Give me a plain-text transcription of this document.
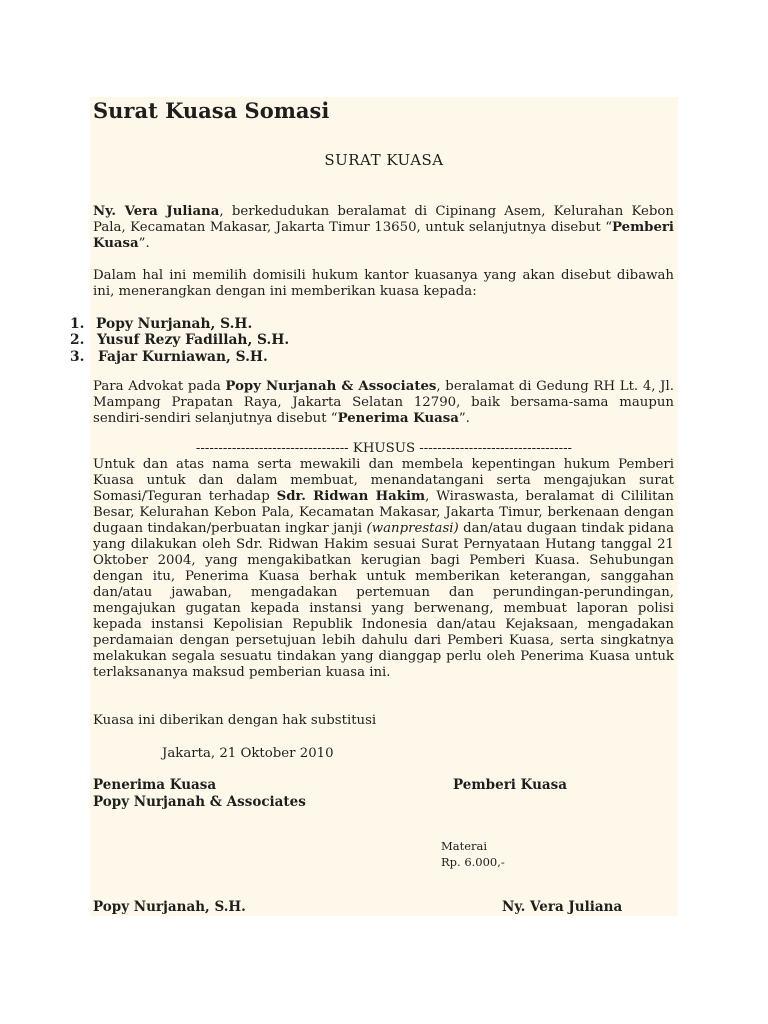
Surat Kuasa Somasi
SURAT KUASA

Ny. Vera Juliana, berkedudukan beralamat di Cipinang Asem, Kelurahan Kebon Pala, Kecamatan Makasar, Jakarta Timur 13650, untuk selanjutnya disebut “Pemberi Kuasa”.

Dalam hal ini memilih domisili hukum kantor kuasanya yang akan disebut dibawah ini, menerangkan dengan ini memberikan kuasa kepada:

1. Popy Nurjanah, S.H.
2. Yusuf Rezy Fadillah, S.H.
3. Fajar Kurniawan, S.H.

Para Advokat pada Popy Nurjanah & Associates, beralamat di Gedung RH Lt. 4, Jl. Mampang Prapatan Raya, Jakarta Selatan 12790, baik bersama-sama maupun sendiri-sendiri selanjutnya disebut “Penerima Kuasa”.

---------------------------------- KHUSUS ----------------------------------

Untuk dan atas nama serta mewakili dan membela kepentingan hukum Pemberi Kuasa untuk dan dalam membuat, menandatangani serta mengajukan surat Somasi/Teguran terhadap Sdr. Ridwan Hakim, Wiraswasta, beralamat di Cililitan Besar, Kelurahan Kebon Pala, Kecamatan Makasar, Jakarta Timur, berkenaan dengan dugaan tindakan/perbuatan ingkar janji (wanprestasi) dan/atau dugaan tindak pidana yang dilakukan oleh Sdr. Ridwan Hakim sesuai Surat Pernyataan Hutang tanggal 21 Oktober 2004, yang mengakibatkan kerugian bagi Pemberi Kuasa. Sehubungan dengan itu, Penerima Kuasa berhak untuk memberikan keterangan, sanggahan dan/atau jawaban, mengadakan pertemuan dan perundingan-perundingan, mengajukan gugatan kepada instansi yang berwenang, membuat laporan polisi kepada instansi Kepolisian Republik Indonesia dan/atau Kejaksaan, mengadakan perdamaian dengan persetujuan lebih dahulu dari Pemberi Kuasa, serta singkatnya melakukan segala sesuatu tindakan yang dianggap perlu oleh Penerima Kuasa untuk terlaksananya maksud pemberian kuasa ini.

Kuasa ini diberikan dengan hak substitusi
Jakarta, 21 Oktober 2010
Penerima Kuasa
Popy Nurjanah & Associates
Pemberi Kuasa
Materai
Rp. 6.000,-
Popy Nurjanah, S.H.	Ny. Vera Juliana
